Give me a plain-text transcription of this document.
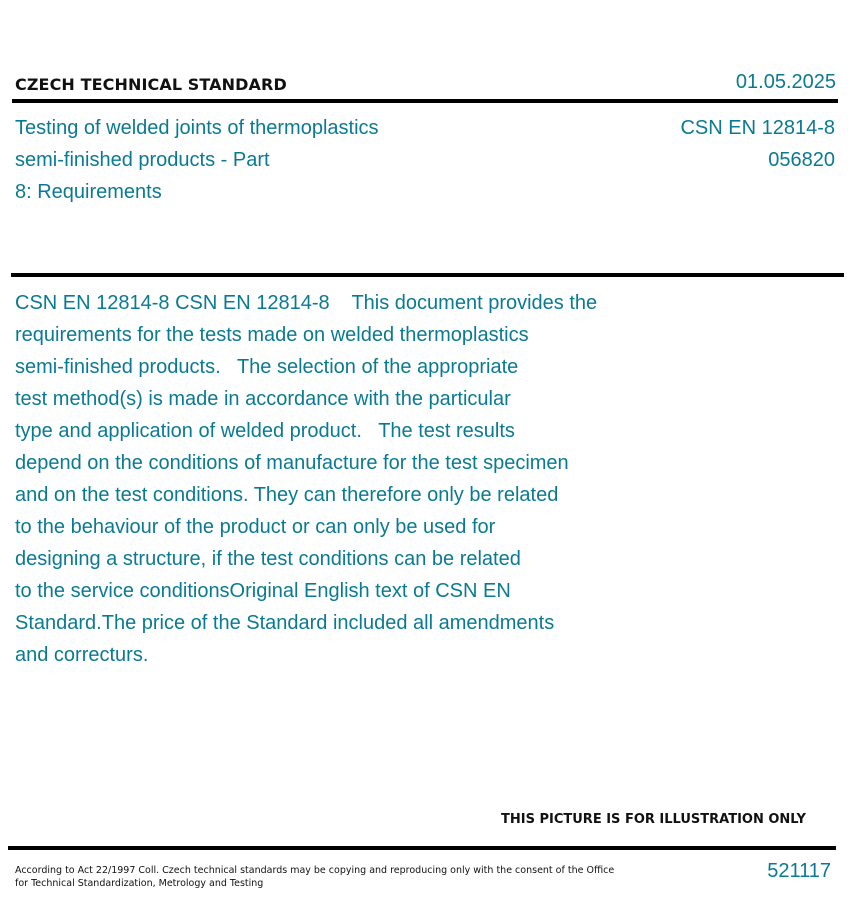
CZECH TECHNICAL STANDARD	01.05.2025
Testing of welded joints of thermoplastics
semi-finished products - Part
8: Requirements
CSN EN 12814-8
056820
CSN EN 12814-8 CSN EN 12814-8    This document provides the
requirements for the tests made on welded thermoplastics
semi-finished products.   The selection of the appropriate
test method(s) is made in accordance with the particular
type and application of welded product.   The test results
depend on the conditions of manufacture for the test specimen
and on the test conditions. They can therefore only be related
to the behaviour of the product or can only be used for
designing a structure, if the test conditions can be related
to the service conditionsOriginal English text of CSN EN
Standard.The price of the Standard included all amendments
and correcturs.
THIS PICTURE IS FOR ILLUSTRATION ONLY
According to Act 22/1997 Coll. Czech technical standards may be copying and reproducing only with the consent of the Office
for Technical Standardization, Metrology and Testing
521117
